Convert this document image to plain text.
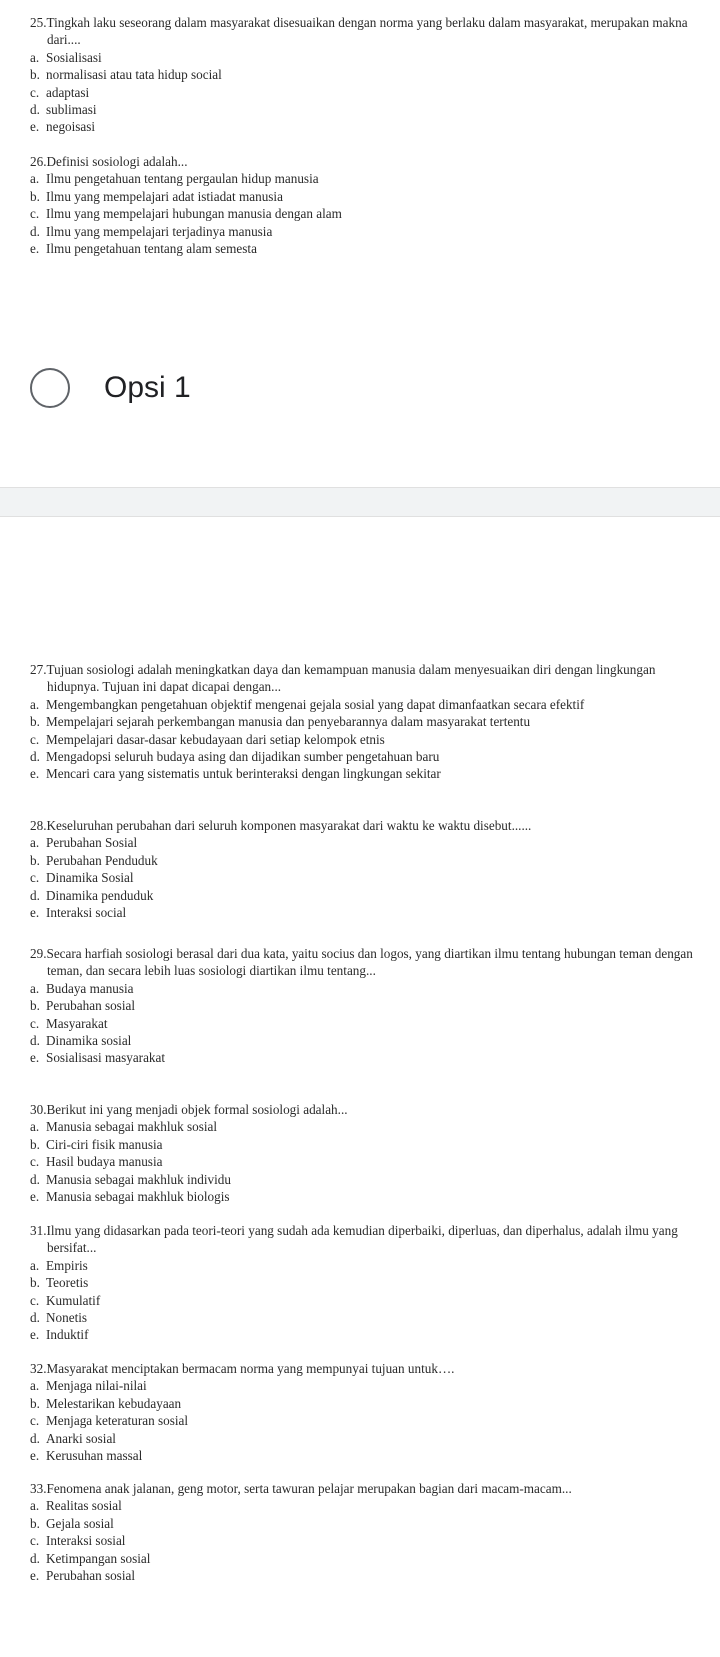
25.Tingkah laku seseorang dalam masyarakat disesuaikan dengan norma yang berlaku dalam masyarakat, merupakan makna dari....
a. Sosialisasi
b. normalisasi atau tata hidup social
c. adaptasi
d. sublimasi
e. negoisasi
26.Definisi sosiologi adalah...
a. Ilmu pengetahuan tentang pergaulan hidup manusia
b. Ilmu yang mempelajari adat istiadat manusia
c. Ilmu yang mempelajari hubungan manusia dengan alam
d. Ilmu yang mempelajari terjadinya manusia
e. Ilmu pengetahuan tentang alam semesta
Opsi 1
27.Tujuan sosiologi adalah meningkatkan daya dan kemampuan manusia dalam menyesuaikan diri dengan lingkungan hidupnya. Tujuan ini dapat dicapai dengan...
a. Mengembangkan pengetahuan objektif mengenai gejala sosial yang dapat dimanfaatkan secara efektif
b. Mempelajari sejarah perkembangan manusia dan penyebarannya dalam masyarakat tertentu
c. Mempelajari dasar-dasar kebudayaan dari setiap kelompok etnis
d. Mengadopsi seluruh budaya asing dan dijadikan sumber pengetahuan baru
e. Mencari cara yang sistematis untuk berinteraksi dengan lingkungan sekitar
28.Keseluruhan perubahan dari seluruh komponen masyarakat dari waktu ke waktu disebut......
a. Perubahan Sosial
b. Perubahan Penduduk
c. Dinamika Sosial
d. Dinamika penduduk
e. Interaksi social
29.Secara harfiah sosiologi berasal dari dua kata, yaitu socius dan logos, yang diartikan ilmu tentang hubungan teman dengan teman, dan secara lebih luas sosiologi diartikan ilmu tentang...
a. Budaya manusia
b. Perubahan sosial
c. Masyarakat
d. Dinamika sosial
e. Sosialisasi masyarakat
30.Berikut ini yang menjadi objek formal sosiologi adalah...
a. Manusia sebagai makhluk sosial
b. Ciri-ciri fisik manusia
c. Hasil budaya manusia
d. Manusia sebagai makhluk individu
e. Manusia sebagai makhluk biologis
31.Ilmu yang didasarkan pada teori-teori yang sudah ada kemudian diperbaiki, diperluas, dan diperhalus, adalah ilmu yang bersifat...
a. Empiris
b. Teoretis
c. Kumulatif
d. Nonetis
e. Induktif
32.Masyarakat menciptakan bermacam norma yang mempunyai tujuan untuk….
a. Menjaga nilai-nilai
b. Melestarikan kebudayaan
c. Menjaga keteraturan sosial
d. Anarki sosial
e. Kerusuhan massal
33.Fenomena anak jalanan, geng motor, serta tawuran pelajar merupakan bagian dari macam-macam...
a. Realitas sosial
b. Gejala sosial
c. Interaksi sosial
d. Ketimpangan sosial
e. Perubahan sosial
